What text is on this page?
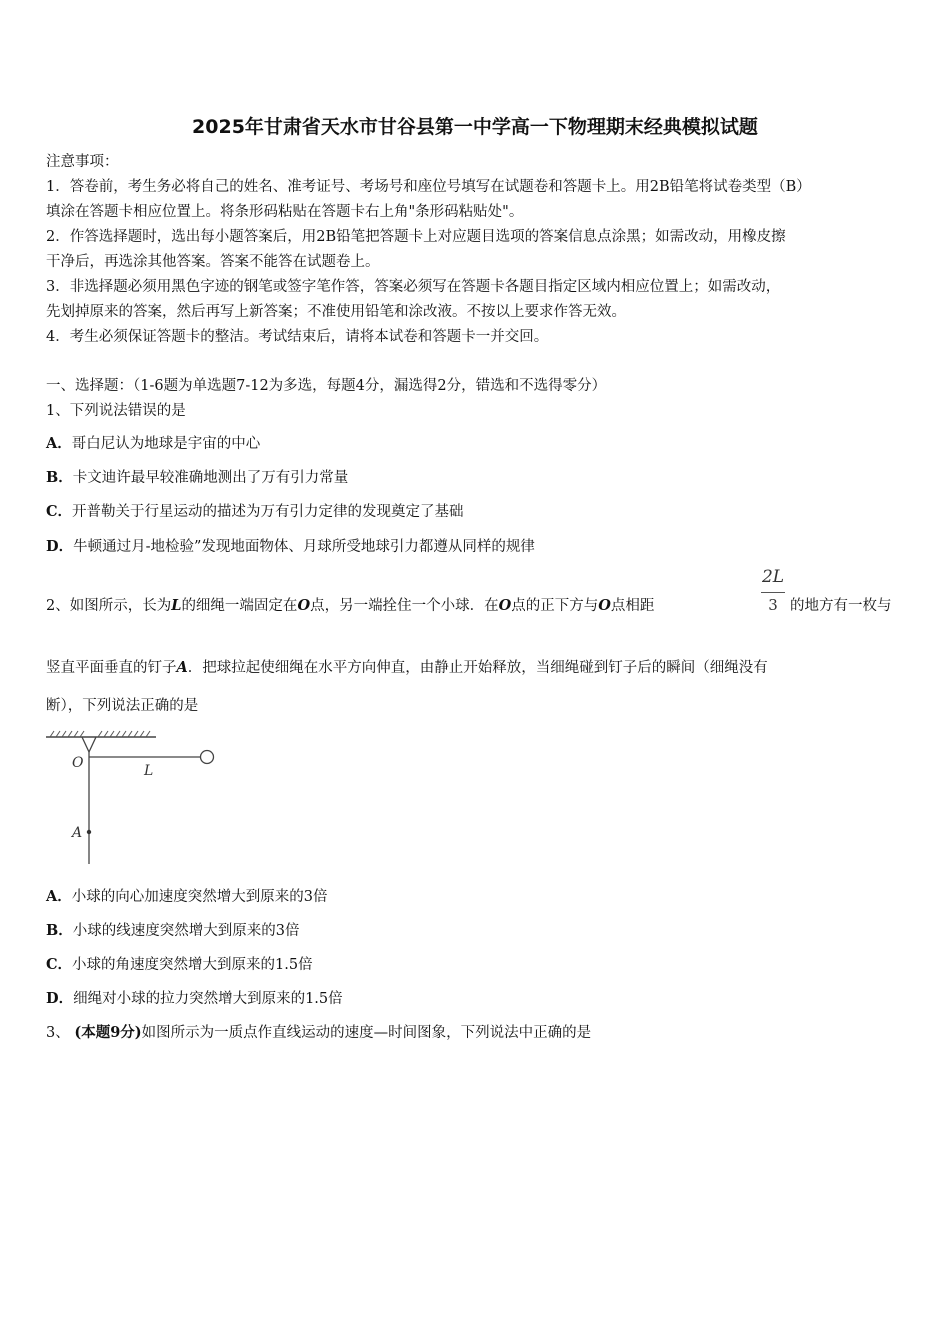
2025年甘肃省天水市甘谷县第一中学高一下物理期末经典模拟试题
注意事项：
1．答卷前，考生务必将自己的姓名、准考证号、考场号和座位号填写在试题卷和答题卡上。用2B铅笔将试卷类型（B）
填涂在答题卡相应位置上。将条形码粘贴在答题卡右上角"条形码粘贴处"。
2．作答选择题时，选出每小题答案后，用2B铅笔把答题卡上对应题目选项的答案信息点涂黑；如需改动，用橡皮擦
干净后，再选涂其他答案。答案不能答在试题卷上。
3．非选择题必须用黑色字迹的钢笔或签字笔作答，答案必须写在答题卡各题目指定区域内相应位置上；如需改动，
先划掉原来的答案，然后再写上新答案；不准使用铅笔和涂改液。不按以上要求作答无效。
4．考生必须保证答题卡的整洁。考试结束后，请将本试卷和答题卡一并交回。
一、选择题：（1-6题为单选题7-12为多选，每题4分，漏选得2分，错选和不选得零分）
1、下列说法错误的是
A．哥白尼认为地球是宇宙的中心
B．卡文迪许最早较准确地测出了万有引力常量
C．开普勒关于行星运动的描述为万有引力定律的发现奠定了基础
D．牛顿通过月-地检验”发现地面物体、月球所受地球引力都遵从同样的规律
2、如图所示，长为L的细绳一端固定在O点，另一端拴住一个小球．在O点的正下方与O点相距
2L
3 的地方有一枚与
竖直平面垂直的钉子A．把球拉起使细绳在水平方向伸直，由静止开始释放，当细绳碰到钉子后的瞬间（细绳没有
断），下列说法正确的是
O	L
A
A．小球的向心加速度突然增大到原来的3倍
B．小球的线速度突然增大到原来的3倍
C．小球的角速度突然增大到原来的1.5倍
D．细绳对小球的拉力突然增大到原来的1.5倍
3、 (本题9分)如图所示为一质点作直线运动的速度—时间图象，下列说法中正确的是
